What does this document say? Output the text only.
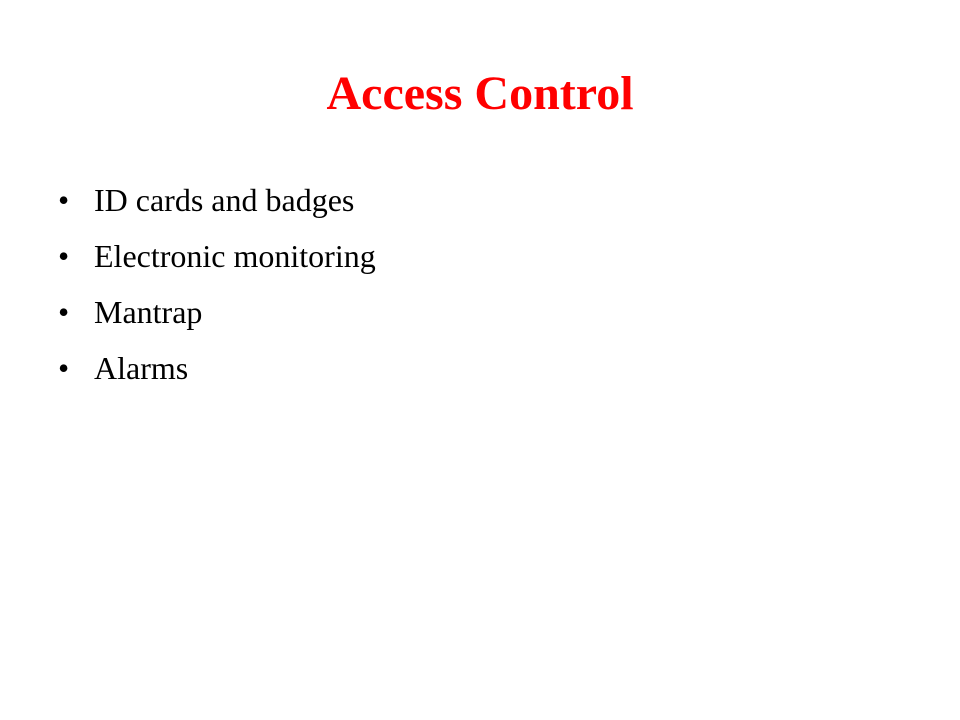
Access Control
• ID cards and badges
• Electronic monitoring
• Mantrap
• Alarms
